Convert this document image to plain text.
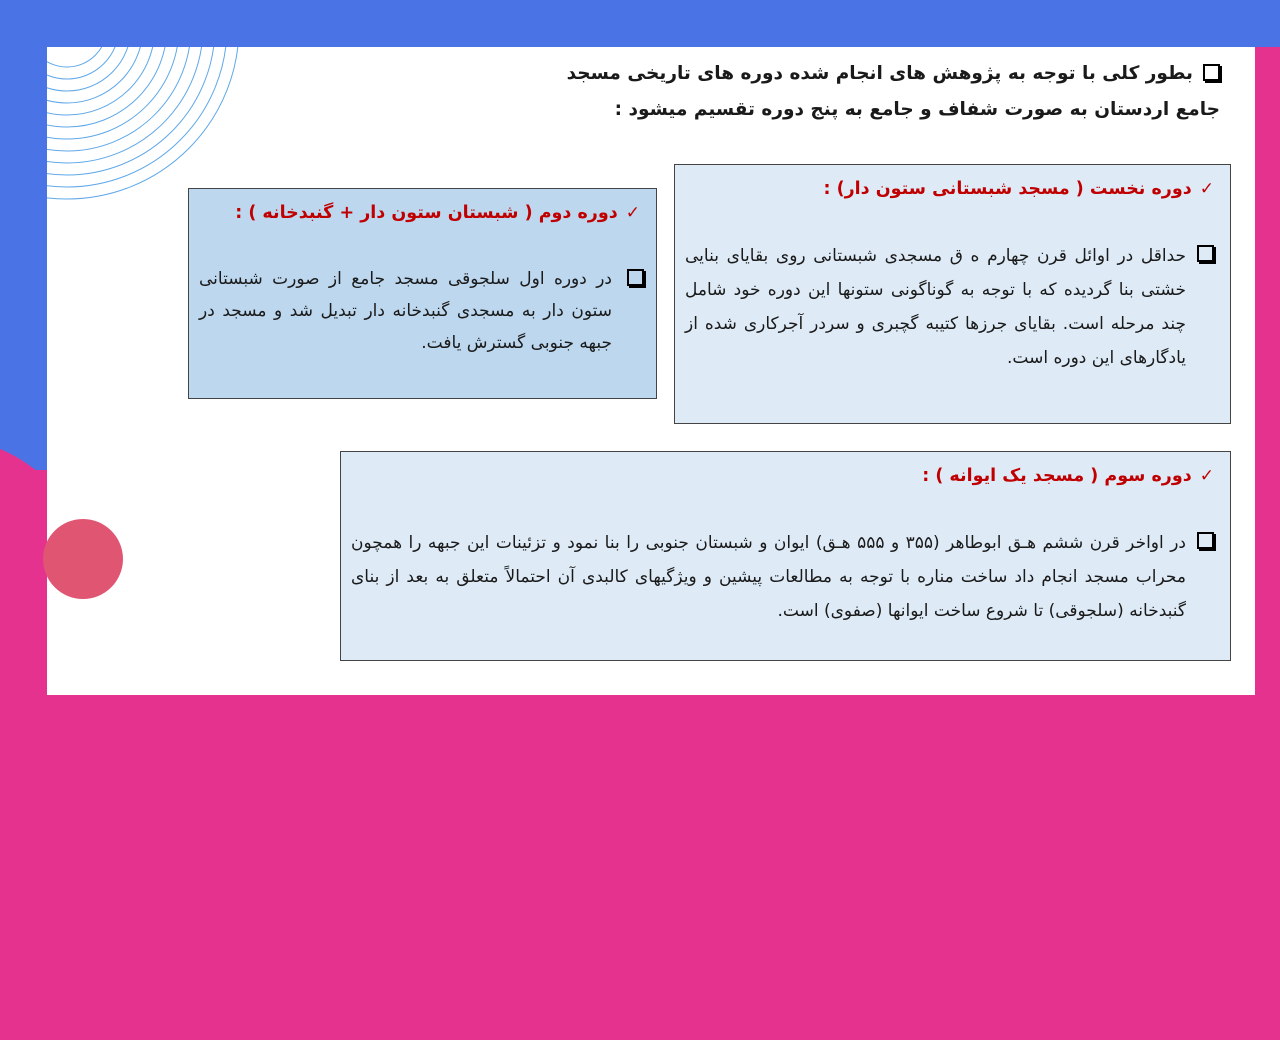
بطور کلی با توجه به پژوهش های انجام شده دوره های تاریخی مسجد
جامع اردستان به صورت شفاف و جامع به پنج دوره تقسیم میشود :
✓دوره نخست ( مسجد شبستانی ستون دار) :
حداقل در اوائل قرن چهارم ه ق مسجدی شبستانی روی بقایای بنایی خشتی بنا گردیده که با توجه به گوناگونی ستونها این دوره خود شامل چند مرحله است. بقایای جرزها کتیبه گچبری و سردر آجرکاری شده از یادگارهای این دوره است.
✓دوره دوم ( شبستان ستون دار + گنبدخانه ) :
در دوره اول سلجوقی مسجد جامع از صورت شبستانی ستون دار به مسجدی گنبدخانه دار تبدیل شد و مسجد در جبهه جنوبی گسترش یافت.
✓دوره سوم ( مسجد یک ایوانه ) :
در اواخر قرن ششم هـق ابوطاهر (۳۵۵ و ۵۵۵ هـق) ایوان و شبستان جنوبی را بنا نمود و تزئینات این جبهه را همچون محراب مسجد انجام داد ساخت مناره با توجه به مطالعات پیشین و ویژگیهای کالبدی آن احتمالاً متعلق به بعد از بنای گنبدخانه (سلجوقی) تا شروع ساخت ایوانها (صفوی) است.
